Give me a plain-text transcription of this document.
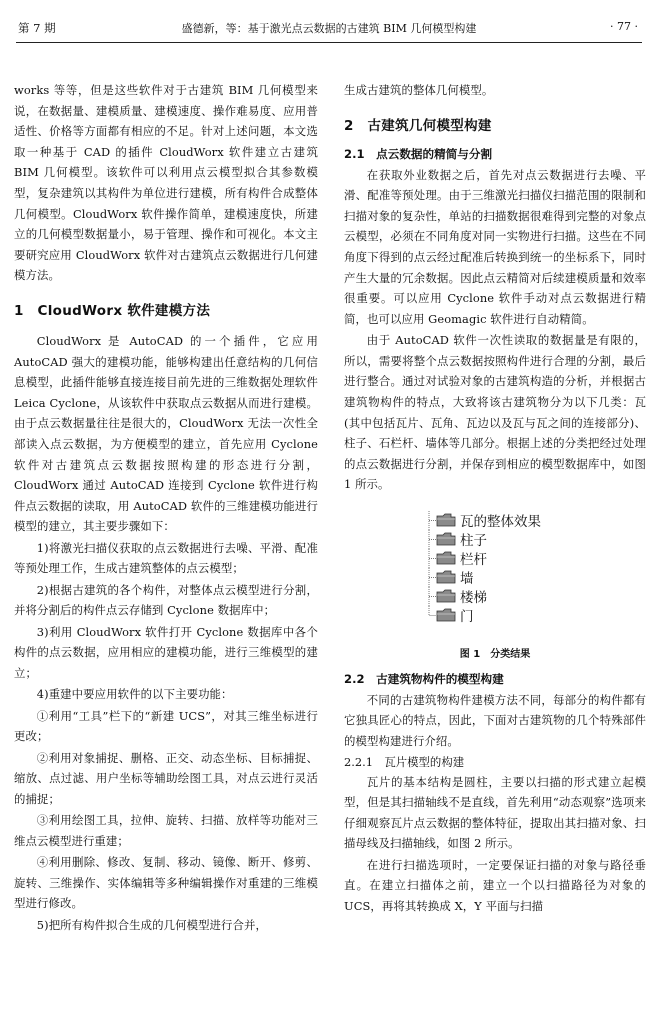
第 7 期	盛德新，等：基于激光点云数据的古建筑 BIM 几何模型构建	· 77 ·

works 等等，但是这些软件对于古建筑 BIM 几何模型来说，在数据量、建模质量、建模速度、操作难易度、应用普适性、价格等方面都有相应的不足。针对上述问题，本文选取一种基于 CAD 的插件 CloudWorx 软件建立古建筑 BIM 几何模型。该软件可以利用点云模型拟合其参数模型，复杂建筑以其构件为单位进行建模，所有构件合成整体几何模型。CloudWorx 软件操作简单，建模速度快，所建立的几何模型数据量小，易于管理、操作和可视化。本文主要研究应用 CloudWorx 软件对古建筑点云数据进行几何建模方法。

1　CloudWorx 软件建模方法

CloudWorx 是 AutoCAD 的一个插件，它应用 AutoCAD 强大的建模功能，能够构建出任意结构的几何信息模型，此插件能够直接连接目前先进的三维数据处理软件 Leica Cyclone，从该软件中获取点云数据从而进行建模。由于点云数据量往往是很大的，CloudWorx 无法一次性全部读入点云数据，为方便模型的建立，首先应用 Cyclone 软件对古建筑点云数据按照构建的形态进行分割，CloudWorx 通过 AutoCAD 连接到 Cyclone 软件进行构件点云数据的读取，用 AutoCAD 软件的三维建模功能进行模型的建立，其主要步骤如下：

1)将激光扫描仪获取的点云数据进行去噪、平滑、配准等预处理工作，生成古建筑整体的点云模型；

2)根据古建筑的各个构件，对整体点云模型进行分割，并将分割后的构件点云存储到 Cyclone 数据库中；

3)利用 CloudWorx 软件打开 Cyclone 数据库中各个构件的点云数据，应用相应的建模功能，进行三维模型的建立；

4)重建中要应用软件的以下主要功能：

①利用“工具”栏下的“新建 UCS”，对其三维坐标进行更改；

②利用对象捕捉、删格、正交、动态坐标、目标捕捉、缩放、点过滤、用户坐标等辅助绘图工具，对点云进行灵活的捕捉；

③利用绘图工具，拉伸、旋转、扫描、放样等功能对三维点云模型进行重建；

④利用删除、修改、复制、移动、镜像、断开、修剪、旋转、三维操作、实体编辑等多种编辑操作对重建的三维模型进行修改。

5)把所有构件拟合生成的几何模型进行合并，

生成古建筑的整体几何模型。

2　古建筑几何模型构建
2.1　点云数据的精简与分割

在获取外业数据之后，首先对点云数据进行去噪、平滑、配准等预处理。由于三维激光扫描仪扫描范围的限制和扫描对象的复杂性，单站的扫描数据很难得到完整的对象点云模型，必须在不同角度对同一实物进行扫描。这些在不同角度下得到的点云经过配准后转换到统一的坐标系下，同时产生大量的冗余数据。因此点云精简对后续建模质量和效率很重要。可以应用 Cyclone 软件手动对点云数据进行精简，也可以应用 Geomagic 软件进行自动精简。

由于 AutoCAD 软件一次性读取的数据量是有限的，所以，需要将整个点云数据按照构件进行合理的分割，最后进行整合。通过对试验对象的古建筑构造的分析，并根据古建筑物构件的特点，大致将该古建筑物分为以下几类：瓦(其中包括瓦片、瓦角、瓦边以及瓦与瓦之间的连接部分)、柱子、石栏杆、墙体等几部分。根据上述的分类把经过处理的点云数据进行分割，并保存到相应的模型数据库中，如图 1 所示。

瓦的整体效果
柱子
栏杆
墙
楼梯
门
图 1　分类结果
2.2　古建筑物构件的模型构建

不同的古建筑物构件建模方法不同，每部分的构件都有它独具匠心的特点，因此，下面对古建筑物的几个特殊部件的模型构建进行介绍。

2.2.1　瓦片模型的构建

瓦片的基本结构是圆柱，主要以扫描的形式建立起模型，但是其扫描轴线不是直线，首先利用“动态观察”选项来仔细观察瓦片点云数据的整体特征，提取出其扫描对象、扫描母线及扫描轴线，如图 2 所示。

在进行扫描选项时，一定要保证扫描的对象与路径垂直。在建立扫描体之前，建立一个以扫描路径为对象的 UCS，再将其转换成 X，Y 平面与扫描
